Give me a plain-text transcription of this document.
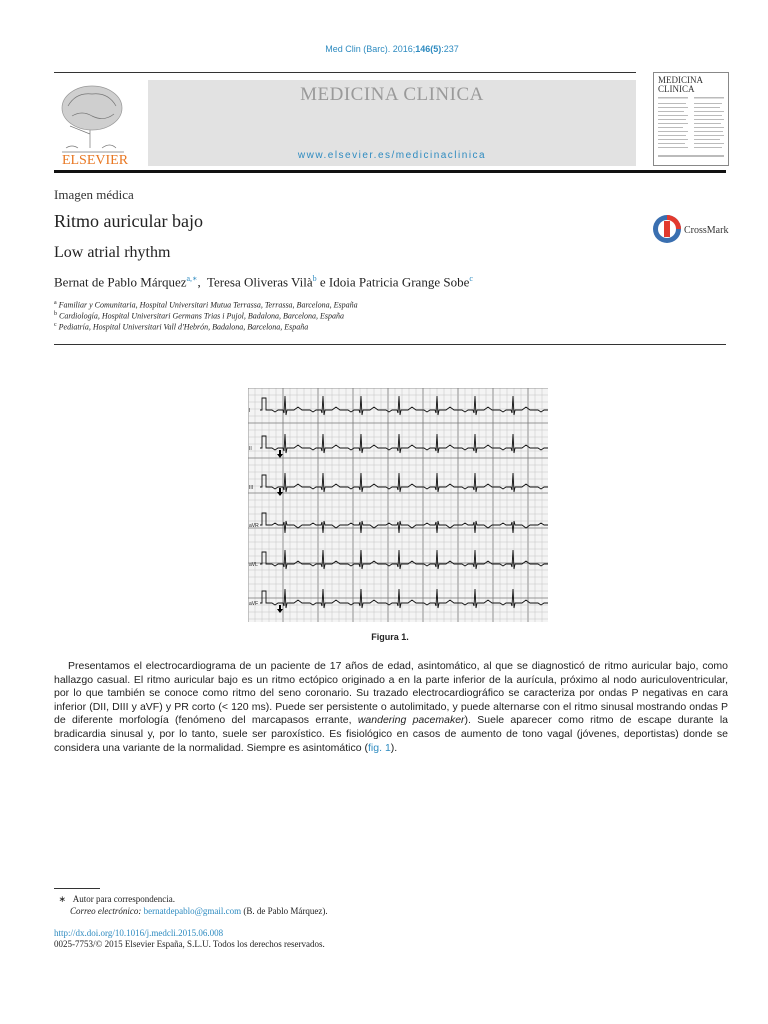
Med Clin (Barc). 2016;146(5):237
ELSEVIER
MEDICINA CLINICA
www.elsevier.es/medicinaclinica
MEDICINA CLINICA
Imagen médica
Ritmo auricular bajo
Low atrial rhythm
CrossMark
Bernat de Pablo Márquez$^{a,∗}$, Teresa Oliveras Vilà$^b$ e Idoia Patricia Grange Sobe$^c$
$^a$ Familiar y Comunitaria, Hospital Universitari Mutua Terrassa, Terrassa, Barcelona, España
$^b$ Cardiología, Hospital Universitari Germans Trias i Pujol, Badalona, Barcelona, España
$^c$ Pediatría, Hospital Universitari Vall d'Hebrón, Badalona, Barcelona, España
I
II
III
aVR
aVL
aVF
Figura 1.

Presentamos el electrocardiograma de un paciente de 17 años de edad, asintomático, al que se diagnosticó de ritmo auricular bajo, como hallazgo casual. El ritmo auricular bajo es un ritmo ectópico originado a en la parte inferior de la aurícula, próximo al nodo auriculoventricular, por lo que también se conoce como ritmo del seno coronario. Su trazado electrocardiográfico se caracteriza por ondas P negativas en cara inferior (DII, DIII y aVF) y PR corto (< 120 ms). Puede ser persistente o autolimitado, y puede alternarse con el ritmo sinusal mostrando ondas P de diferente morfología (fenómeno del marcapasos errante, wandering pacemaker). Suele aparecer como ritmo de escape durante la bradicardia sinusal y, por lo tanto, suele ser paroxístico. Es fisiológico en casos de aumento de tono vagal (jóvenes, deportistas) donde se considera una variante de la normalidad. Siempre es asintomático (fig. 1).

∗ Autor para correspondencia.
Correo electrónico: bernatdepablo@gmail.com (B. de Pablo Márquez).
http://dx.doi.org/10.1016/j.medcli.2015.06.008
0025-7753/© 2015 Elsevier España, S.L.U. Todos los derechos reservados.
